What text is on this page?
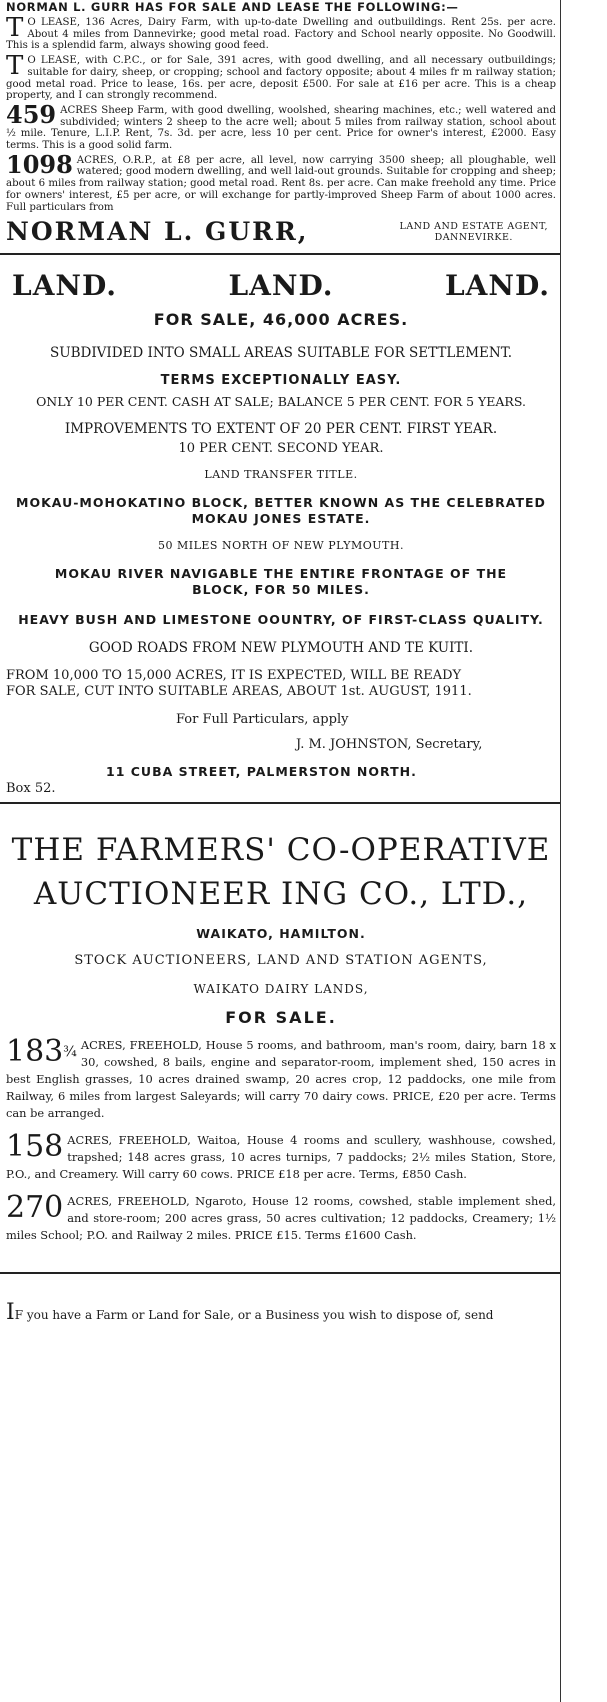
NORMAN L. GURR HAS FOR SALE AND LEASE THE FOLLOWING:—

T O LEASE, 136 Acres, Dairy Farm, with up-to-date Dwelling and outbuildings. Rent 25s. per acre. About 4 miles from Dannevirke; good metal road. Factory and School nearly opposite. No Goodwill. This is a splendid farm, always showing good feed.
T O LEASE, with C.P.C., or for Sale, 391 acres, with good dwelling, and all necessary outbuildings; suitable for dairy, sheep, or cropping; school and factory opposite; about 4 miles fr m railway station; good metal road. Price to lease, 16s. per acre, deposit £500. For sale at £16 per acre. This is a cheap property, and I can strongly recommend.
459 ACRES Sheep Farm, with good dwelling, woolshed, shearing machines, etc.; well watered and subdivided; winters 2 sheep to the acre well; about 5 miles from railway station, school about ½ mile. Tenure, L.I.P. Rent, 7s. 3d. per acre, less 10 per cent. Price for owner's interest, £2000. Easy terms. This is a good solid farm.
1098 ACRES, O.R.P., at £8 per acre, all level, now carrying 3500 sheep; all ploughable, well watered; good modern dwelling, and well laid-out grounds. Suitable for cropping and sheep; about 6 miles from railway station; good metal road. Rent 8s. per acre. Can make freehold any time. Price for owners' interest, £5 per acre, or will exchange for partly-improved Sheep Farm of about 1000 acres. Full particulars from
NORMAN L. GURR,	LAND AND ESTATE AGENT,
DANNEVIRKE.
LAND.	LAND.	LAND.

FOR SALE, 46,000 ACRES.

SUBDIVIDED INTO SMALL AREAS SUITABLE FOR SETTLEMENT.

TERMS EXCEPTIONALLY EASY.

ONLY 10 PER CENT. CASH AT SALE; BALANCE 5 PER CENT. FOR 5 YEARS.

IMPROVEMENTS TO EXTENT OF 20 PER CENT. FIRST YEAR.

10 PER CENT. SECOND YEAR.

LAND TRANSFER TITLE.

MOKAU-MOHOKATINO BLOCK, BETTER KNOWN AS THE CELEBRATED

MOKAU JONES ESTATE.

50 MILES NORTH OF NEW PLYMOUTH.

MOKAU RIVER NAVIGABLE THE ENTIRE FRONTAGE OF THE

BLOCK, FOR 50 MILES.

HEAVY BUSH AND LIMESTONE OOUNTRY, OF FIRST-CLASS QUALITY.

GOOD ROADS FROM NEW PLYMOUTH AND TE KUITI.

FROM 10,000 TO 15,000 ACRES, IT IS EXPECTED, WILL BE READY

FOR SALE, CUT INTO SUITABLE AREAS, ABOUT 1st. AUGUST, 1911.

For Full Particulars, apply

J. M. JOHNSTON, Secretary,

11 CUBA STREET, PALMERSTON NORTH.

Box 52.

THE FARMERS' CO-OPERATIVE

AUCTIONEER ING CO., LTD.,

WAIKATO, HAMILTON.

STOCK AUCTIONEERS, LAND AND STATION AGENTS,

WAIKATO DAIRY LANDS,

FOR SALE.

$183^{\frac{3}{4}}$ ACRES, FREEHOLD, House 5 rooms, and bathroom, man's room, dairy, barn 18 x 30, cowshed, 8 bails, engine and separator-room, implement shed, 150 acres in best English grasses, 10 acres drained swamp, 20 acres crop, 12 paddocks, one mile from Railway, 6 miles from largest Saleyards; will carry 70 dairy cows. PRICE, £20 per acre. Terms can be arranged.
158 ACRES, FREEHOLD, Waitoa, House 4 rooms and scullery, washhouse, cowshed, trapshed; 148 acres grass, 10 acres turnips, 7 paddocks; 2½ miles Station, Store, P.O., and Creamery. Will carry 60 cows. PRICE £18 per acre. Terms, £850 Cash.
270 ACRES, FREEHOLD, Ngaroto, House 12 rooms, cowshed, stable implement shed, and store-room; 200 acres grass, 50 acres cultivation; 12 paddocks, Creamery; 1½ miles School; P.O. and Railway 2 miles. PRICE £15. Terms £1600 Cash.

IF you have a Farm or Land for Sale, or a Business you wish to dispose of, send
